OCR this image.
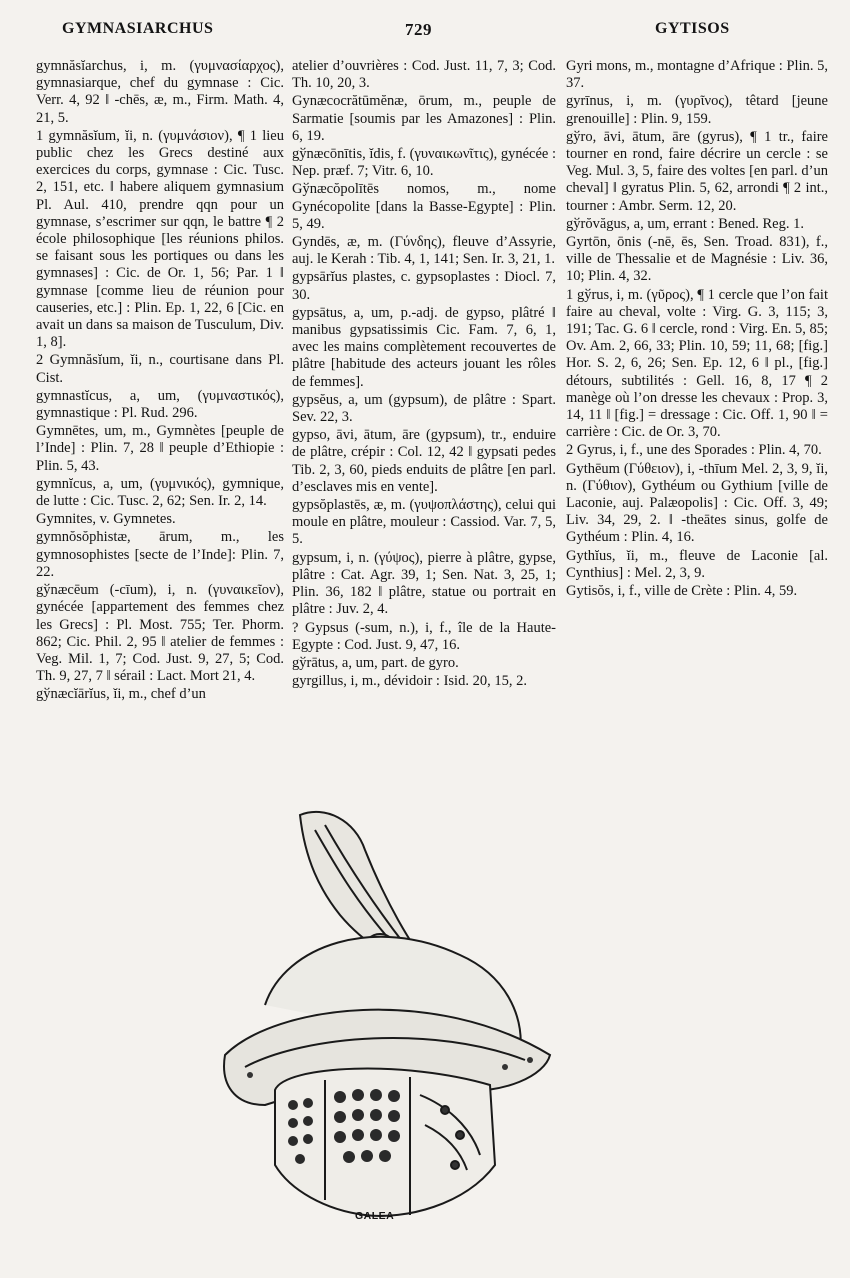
GYMNASIARCHUS	729	GYTISOS

gymnăsĭarchus, i, m. (γυμνασίαρχος), gymnasiarque, chef du gymnase : Cic. Verr. 4, 92 ‖ -chēs, æ, m., Firm. Math. 4, 21, 5.

1 gymnăsĭum, ĭi, n. (γυμνάσιον), ¶ 1 lieu public chez les Grecs destiné aux exercices du corps, gymnase : Cic. Tusc. 2, 151, etc. ‖ habere aliquem gymnasium Pl. Aul. 410, prendre qqn pour un gymnase, s’escrimer sur qqn, le battre ¶ 2 école philosophique [les réunions philos. se faisant sous les portiques ou dans les gymnases] : Cic. de Or. 1, 56; Par. 1 ‖ gymnase [comme lieu de réunion pour causeries, etc.] : Plin. Ep. 1, 22, 6 [Cic. en avait un dans sa maison de Tusculum, Div. 1, 8].

2 Gymnăsĭum, ĭi, n., courtisane dans Pl. Cist.

gymnastĭcus, a, um, (γυμναστικός), gymnastique : Pl. Rud. 296.

Gymnētes, um, m., Gymnètes [peuple de l’Inde] : Plin. 7, 28 ‖ peuple d’Ethiopie : Plin. 5, 43.

gymnĭcus, a, um, (γυμνικός), gymnique, de lutte : Cic. Tusc. 2, 62; Sen. Ir. 2, 14.

Gymnites, v. Gymnetes.

gymnŏsŏphistæ, ārum, m., les gymnosophistes [secte de l’Inde]: Plin. 7, 22.

gўnæcēum (-cīum), i, n. (γυναικεῖον), gynécée [appartement des femmes chez les Grecs] : Pl. Most. 755; Ter. Phorm. 862; Cic. Phil. 2, 95 ‖ atelier de femmes : Veg. Mil. 1, 7; Cod. Just. 9, 27, 5; Cod. Th. 9, 27, 7 ‖ sérail : Lact. Mort 21, 4.

gўnæcĭārĭus, ĭi, m., chef d’un

atelier d’ouvrières : Cod. Just. 11, 7, 3; Cod. Th. 10, 20, 3.

Gynæcocrătūmĕnæ, ōrum, m., peuple de Sarmatie [soumis par les Amazones] : Plin. 6, 19.

gўnæcōnītis, ĭdis, f. (γυναικωνῖτις), gynécée : Nep. præf. 7; Vitr. 6, 10.

Gўnæcŏpolītēs nomos, m., nome Gynécopolite [dans la Basse-Egypte] : Plin. 5, 49.

Gyndēs, æ, m. (Γύνδης), fleuve d’Assyrie, auj. le Kerah : Tib. 4, 1, 141; Sen. Ir. 3, 21, 1.

gypsārĭus plastes, c. gypsoplastes : Diocl. 7, 30.

gypsātus, a, um, p.-adj. de gypso, plâtré ‖ manibus gypsatissimis Cic. Fam. 7, 6, 1, avec les mains complètement recouvertes de plâtre [habitude des acteurs jouant les rôles de femmes].

gypsĕus, a, um (gypsum), de plâtre : Spart. Sev. 22, 3.

gypso, āvi, ātum, āre (gypsum), tr., enduire de plâtre, crépir : Col. 12, 42 ‖ gypsati pedes Tib. 2, 3, 60, pieds enduits de plâtre [en parl. d’esclaves mis en vente].

gypsŏplastēs, æ, m. (γυψοπλάστης), celui qui moule en plâtre, mouleur : Cassiod. Var. 7, 5, 5.

gypsum, i, n. (γύψος), pierre à plâtre, gypse, plâtre : Cat. Agr. 39, 1; Sen. Nat. 3, 25, 1; Plin. 36, 182 ‖ plâtre, statue ou portrait en plâtre : Juv. 2, 4.

? Gypsus (-sum, n.), i, f., île de la Haute-Egypte : Cod. Just. 9, 47, 16.

gўrātus, a, um, part. de gyro.

gyrgillus, i, m., dévidoir : Isid. 20, 15, 2.

Gyri mons, m., montagne d’Afrique : Plin. 5, 37.

gyrīnus, i, m. (γυρῖνος), têtard [jeune grenouille] : Plin. 9, 159.

gўro, āvi, ātum, āre (gyrus), ¶ 1 tr., faire tourner en rond, faire décrire un cercle : se Veg. Mul. 3, 5, faire des voltes [en parl. d’un cheval] ‖ gyratus Plin. 5, 62, arrondi ¶ 2 int., tourner : Ambr. Serm. 12, 20.

gўrŏvăgus, a, um, errant : Bened. Reg. 1.

Gyrtōn, ōnis (-nē, ēs, Sen. Troad. 831), f., ville de Thessalie et de Magnésie : Liv. 36, 10; Plin. 4, 32.

1 gўrus, i, m. (γῦρος), ¶ 1 cercle que l’on fait faire au cheval, volte : Virg. G. 3, 115; 3, 191; Tac. G. 6 ‖ cercle, rond : Virg. En. 5, 85; Ov. Am. 2, 66, 33; Plin. 10, 59; 11, 68; [fig.] Hor. S. 2, 6, 26; Sen. Ep. 12, 6 ‖ pl., [fig.] détours, subtilités : Gell. 16, 8, 17 ¶ 2 manège où l’on dresse les chevaux : Prop. 3, 14, 11 ‖ [fig.] = dressage : Cic. Off. 1, 90 ‖ = carrière : Cic. de Or. 3, 70.

2 Gyrus, i, f., une des Sporades : Plin. 4, 70.

Gythēum (Γύθειον), i, -thīum Mel. 2, 3, 9, ĭi, n. (Γύθιον), Gythéum ou Gythium [ville de Laconie, auj. Palæopolis] : Cic. Off. 3, 49; Liv. 34, 29, 2. ‖ -theātes sinus, golfe de Gythéum : Plin. 4, 16.

Gythĭus, ĭi, m., fleuve de Laconie [al. Cynthius] : Mel. 2, 3, 9.

Gytisŏs, i, f., ville de Crète : Plin. 4, 59.

GALEA
